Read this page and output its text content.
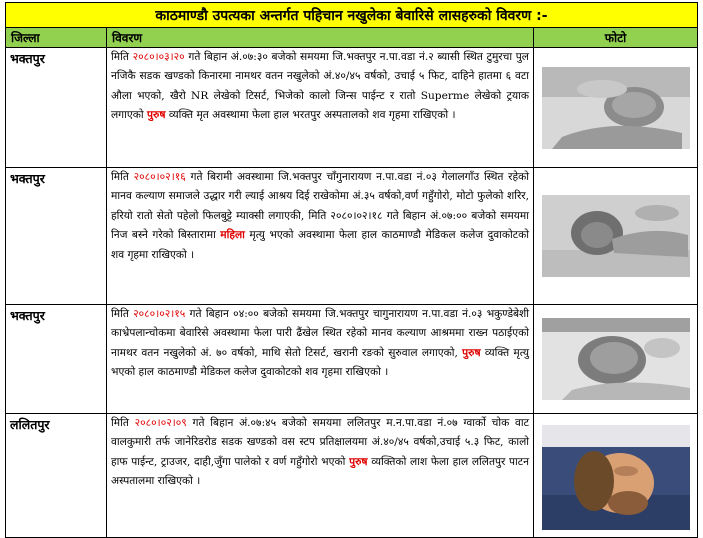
काठमाण्डौ उपत्यका अन्तर्गत पहिचान नखुलेका बेवारिसे लासहरुको विवरण :-
जिल्ला	विवरण	फोटो
भक्तपुर	मिति २०८०।०३।२० गते बिहान अं.०७:३० बजेको समयमा जि.भक्तपुर न.पा.वडा नं.२ ब्यासी स्थित टुमुरचा पुल नजिकै सडक खण्डको किनारमा नामथर वतन नखुलेको अं.४०/४५ वर्षको, उचाई ५ फिट, दाहिने हातमा ६ वटा औला भएको, खैरो NR लेखेको टिसर्ट, भिजेको कालो जिन्स पाईन्ट र रातो Superme लेखेको ट्रयाक लगाएको पुरुष व्यक्ति मृत अवस्थामा फेला हाल भरतपुर अस्पतालको शव गृहमा राखिएको ।
भक्तपुर	मिति २०८०।०२।१६ गते बिरामी अवस्थामा जि.भक्तपुर चाँगुनारायण न.पा.वडा नं.०३ गेलालगाँउ स्थित रहेको मानव कल्याण समाजले उद्धार गरी ल्याई आश्रय दिई राखेकोमा अं.३५ वर्षको,वर्ण गहुँगोरो, मोटो फुलेको शरिर, हरियो रातो सेतो पहेलो फिलबुट्टे म्याक्सी लगाएकी, मिति २०८०।०२।१८ गते बिहान अं.०७:०० बजेको समयमा निज बस्ने गरेको बिस्तारामा महिला मृत्यु भएको अवस्थामा फेला हाल काठमाण्डौ मेडिकल कलेज दुवाकोटको शव गृहमा राखिएको ।
भक्तपुर	मिति २०८०।०२।१५ गते बिहान ०४:०० बजेको समयमा जि.भक्तपुर चागुनारायण न.पा.वडा नं.०३ भकुण्डेबेशी काभ्रेपलान्चोकमा बेवारिसे अवस्थामा फेला पारी ढैंखेल स्थित रहेको मानव कल्याण आश्रममा राख्न पठाईएको नामथर वतन नखुलेको अं. ७० वर्षको, माथि सेतो टिसर्ट, खरानी रङको सुरुवाल लगाएको, पुरुष व्यक्ति मृत्यु भएको हाल काठमाण्डौ मेडिकल कलेज दुवाकोटको शव गृहमा राखिएको ।
ललितपुर	मिति २०८०।०२।०९ गते बिहान अं.०७:४५ बजेको समयमा ललितपुर म.न.पा.वडा नं.०७ ग्वार्को चोक वाट वालकुमारी तर्फ जानेरिडरोड सडक खण्डको वस स्टप प्रतिक्षालयमा अं.४०/४५ वर्षको,उचाई ५.३ फिट, कालो हाफ पाईन्ट, ट्राउजर, दाही,जुँगा पालेको र वर्ण गहुँगोरो भएको पुरुष व्यक्तिको लाश फेला हाल ललितपुर पाटन अस्पतालमा राखिएको ।
